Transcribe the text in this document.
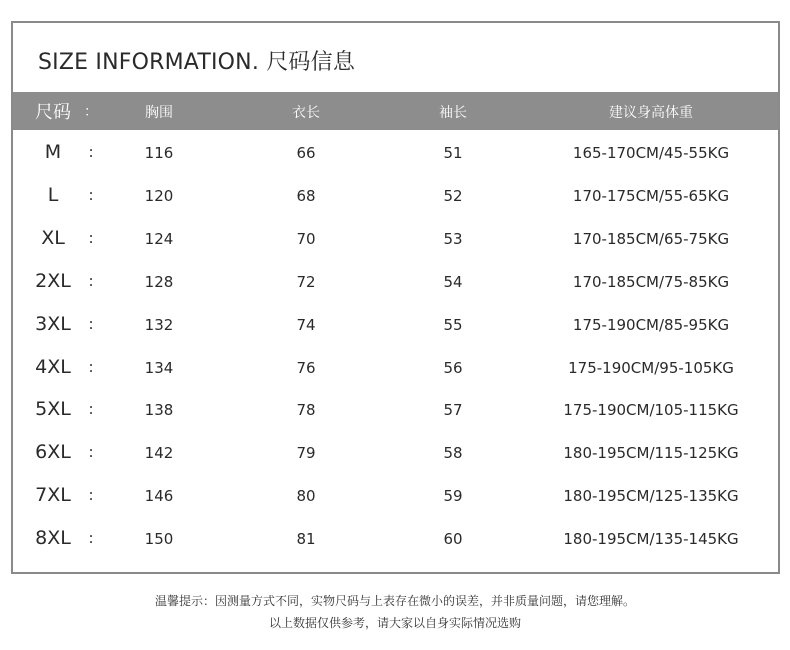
SIZE INFORMATION. 尺码信息
尺码 ：	胸围	衣长	袖长	建议身高体重
M :	116	66	51	165-170CM/45-55KG
L :	120	68	52	170-175CM/55-65KG
XL :	124	70	53	170-185CM/65-75KG
2XL :	128	72	54	170-185CM/75-85KG
3XL :	132	74	55	175-190CM/85-95KG
4XL :	134	76	56	175-190CM/95-105KG
5XL :	138	78	57	175-190CM/105-115KG
6XL :	142	79	58	180-195CM/115-125KG
7XL :	146	80	59	180-195CM/125-135KG
8XL :	150	81	60	180-195CM/135-145KG
温馨提示：因测量方式不同，实物尺码与上表存在微小的误差，并非质量问题，请您理解。
以上数据仅供参考，请大家以自身实际情况选购
